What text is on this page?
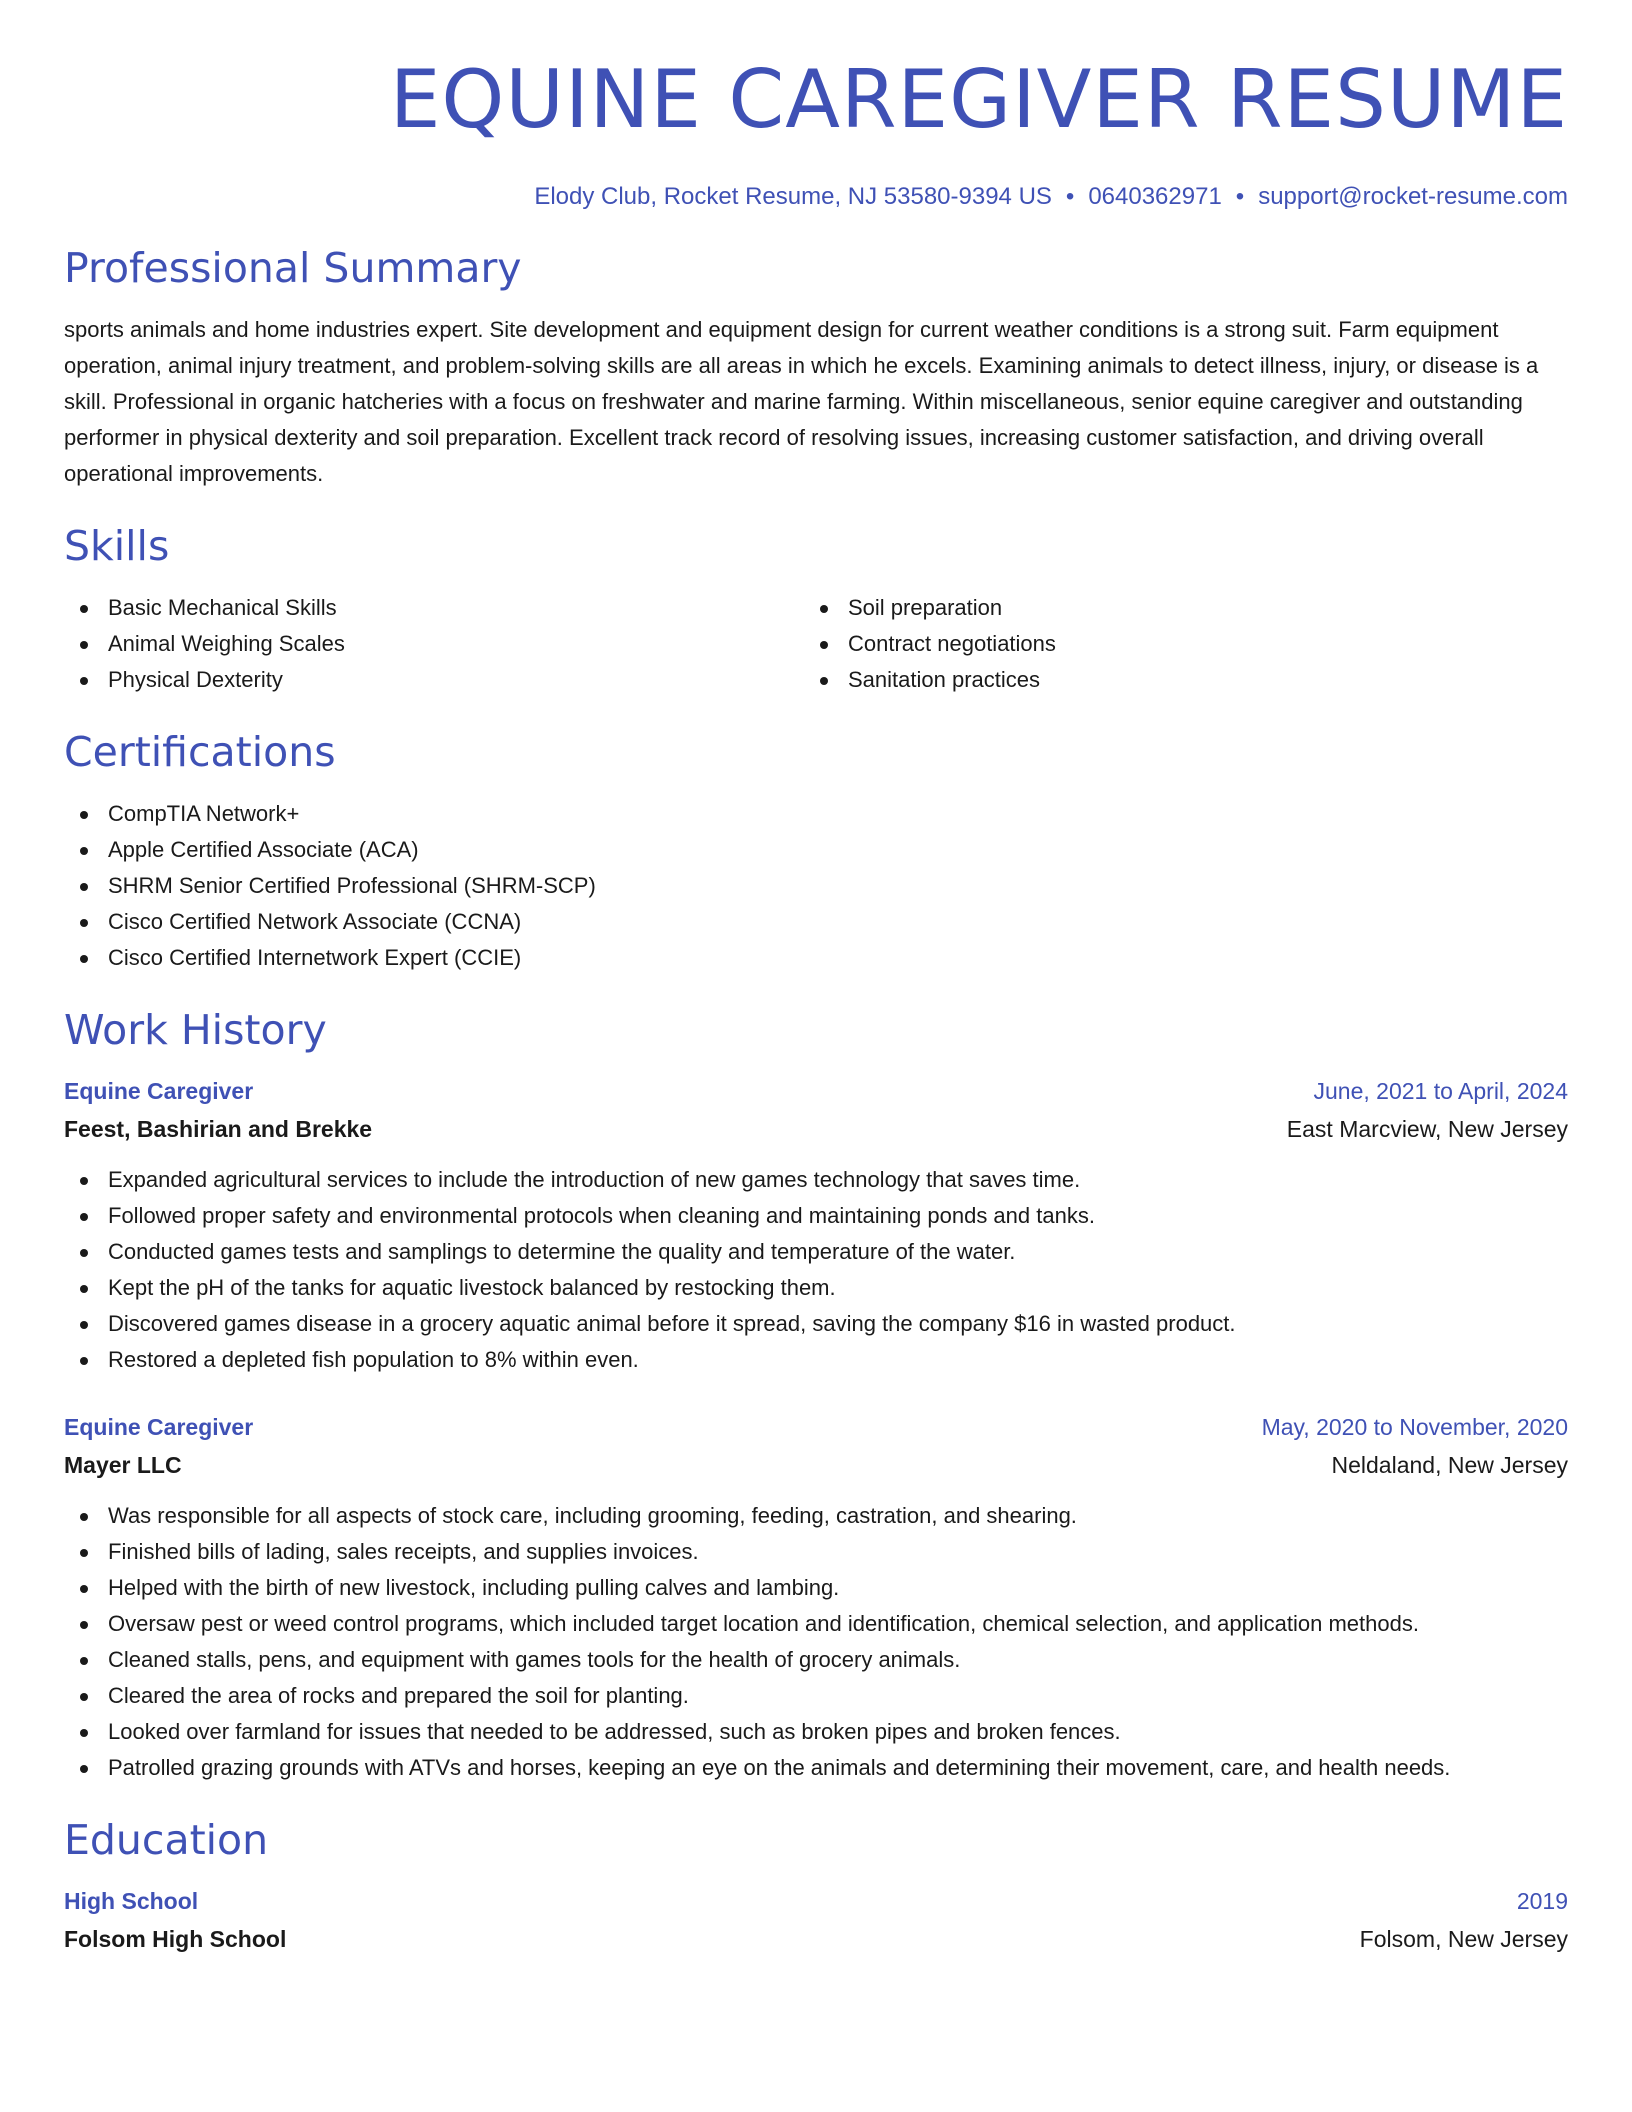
EQUINE CAREGIVER RESUME
Elody Club, Rocket Resume, NJ 53580-9394 US • 0640362971 • support@rocket-resume.com
Professional Summary

sports animals and home industries expert. Site development and equipment design for current weather conditions is a strong suit. Farm equipment operation, animal injury treatment, and problem-solving skills are all areas in which he excels. Examining animals to detect illness, injury, or disease is a skill. Professional in organic hatcheries with a focus on freshwater and marine farming. Within miscellaneous, senior equine caregiver and outstanding performer in physical dexterity and soil preparation. Excellent track record of resolving issues, increasing customer satisfaction, and driving overall operational improvements.

Skills
Basic Mechanical Skills
Animal Weighing Scales
Physical Dexterity
Soil preparation
Contract negotiations
Sanitation practices
Certifications
CompTIA Network+
Apple Certified Associate (ACA)
SHRM Senior Certified Professional (SHRM-SCP)
Cisco Certified Network Associate (CCNA)
Cisco Certified Internetwork Expert (CCIE)
Work History
Equine Caregiver	June, 2021 to April, 2024
Feest, Bashirian and Brekke	East Marcview, New Jersey
Expanded agricultural services to include the introduction of new games technology that saves time.
Followed proper safety and environmental protocols when cleaning and maintaining ponds and tanks.
Conducted games tests and samplings to determine the quality and temperature of the water.
Kept the pH of the tanks for aquatic livestock balanced by restocking them.
Discovered games disease in a grocery aquatic animal before it spread, saving the company $16 in wasted product.
Restored a depleted fish population to 8% within even.
Equine Caregiver	May, 2020 to November, 2020
Mayer LLC	Neldaland, New Jersey
Was responsible for all aspects of stock care, including grooming, feeding, castration, and shearing.
Finished bills of lading, sales receipts, and supplies invoices.
Helped with the birth of new livestock, including pulling calves and lambing.
Oversaw pest or weed control programs, which included target location and identification, chemical selection, and application methods.
Cleaned stalls, pens, and equipment with games tools for the health of grocery animals.
Cleared the area of rocks and prepared the soil for planting.
Looked over farmland for issues that needed to be addressed, such as broken pipes and broken fences.
Patrolled grazing grounds with ATVs and horses, keeping an eye on the animals and determining their movement, care, and health needs.
Education
High School	2019
Folsom High School	Folsom, New Jersey
